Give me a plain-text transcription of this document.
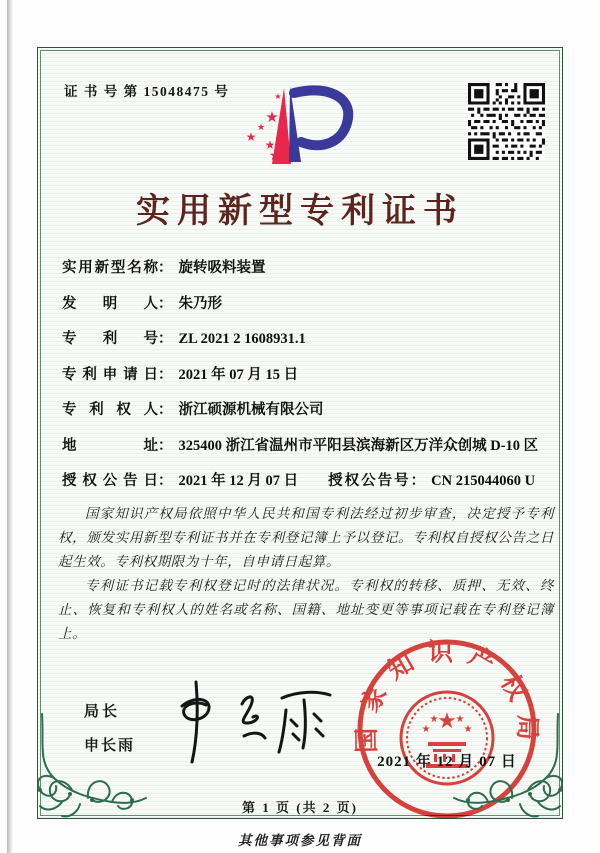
证 书 号 第 15048475 号
★
★
★
★
★
★
实用新型专利证书
实用新型名称： 旋转吸料装置
发明人： 朱乃形
专利号： ZL 2021 2 1608931.1
专利申请日： 2021 年 07 月 15 日
专利权人： 浙江硕源机械有限公司
地址： 325400 浙江省温州市平阳县滨海新区万洋众创城 D-10 区
授权公告日： 2021 年 12 月 07 日 授权公告号： CN 215044060 U

国家知识产权局依照中华人民共和国专利法经过初步审查，决定授予专利权，颁发实用新型专利证书并在专利登记簿上予以登记。专利权自授权公告之日起生效。专利权期限为十年，自申请日起算。

专利证书记载专利权登记时的法律状况。专利权的转移、质押、无效、终止、恢复和专利权人的姓名或名称、国籍、地址变更等事项记载在专利登记簿上。

局长
申长雨	国家知识产权局
★
★
★ ★
★
2021 年 12 月 07 日
第 1 页 (共 2 页)
其他事项参见背面
